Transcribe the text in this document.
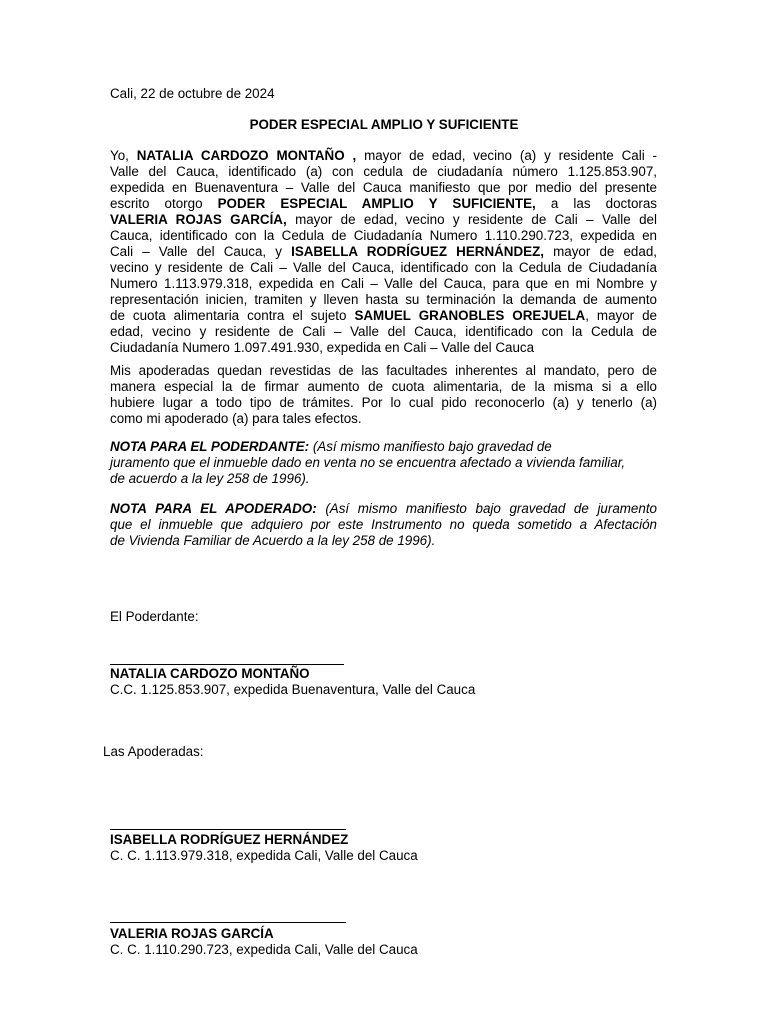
Cali, 22 de octubre de 2024
PODER ESPECIAL AMPLIO Y SUFICIENTE
Yo, NATALIA CARDOZO MONTAÑO , mayor de edad, vecino (a) y residente Cali -
Valle del Cauca, identificado (a) con cedula de ciudadanía número 1.125.853.907,
expedida en Buenaventura – Valle del Cauca manifiesto que por medio del presente
escrito otorgo PODER ESPECIAL AMPLIO Y SUFICIENTE, a las doctoras
VALERIA ROJAS GARCÍA, mayor de edad, vecino y residente de Cali – Valle del
Cauca, identificado con la Cedula de Ciudadanía Numero 1.110.290.723, expedida en
Cali – Valle del Cauca, y ISABELLA RODRÍGUEZ HERNÁNDEZ, mayor de edad,
vecino y residente de Cali – Valle del Cauca, identificado con la Cedula de Ciudadanía
Numero 1.113.979.318, expedida en Cali – Valle del Cauca, para que en mi Nombre y
representación inicien, tramiten y lleven hasta su terminación la demanda de aumento
de cuota alimentaria contra el sujeto SAMUEL GRANOBLES OREJUELA, mayor de
edad, vecino y residente de Cali – Valle del Cauca, identificado con la Cedula de
Ciudadanía Numero 1.097.491.930, expedida en Cali – Valle del Cauca
Mis apoderadas quedan revestidas de las facultades inherentes al mandato, pero de
manera especial la de firmar aumento de cuota alimentaria, de la misma si a ello
hubiere lugar a todo tipo de trámites. Por lo cual pido reconocerlo (a) y tenerlo (a)
como mi apoderado (a) para tales efectos.
NOTA PARA EL PODERDANTE: (Así mismo manifiesto bajo gravedad de
juramento que el inmueble dado en venta no se encuentra afectado a vivienda familiar,
de acuerdo a la ley 258 de 1996).
NOTA PARA EL APODERADO: (Así mismo manifiesto bajo gravedad de juramento
que el inmueble que adquiero por este Instrumento no queda sometido a Afectación
de Vivienda Familiar de Acuerdo a la ley 258 de 1996).
El Poderdante:
NATALIA CARDOZO MONTAÑO
C.C. 1.125.853.907, expedida Buenaventura, Valle del Cauca
Las Apoderadas:
ISABELLA RODRÍGUEZ HERNÁNDEZ
C. C. 1.113.979.318, expedida Cali, Valle del Cauca
VALERIA ROJAS GARCÍA
C. C. 1.110.290.723, expedida Cali, Valle del Cauca
